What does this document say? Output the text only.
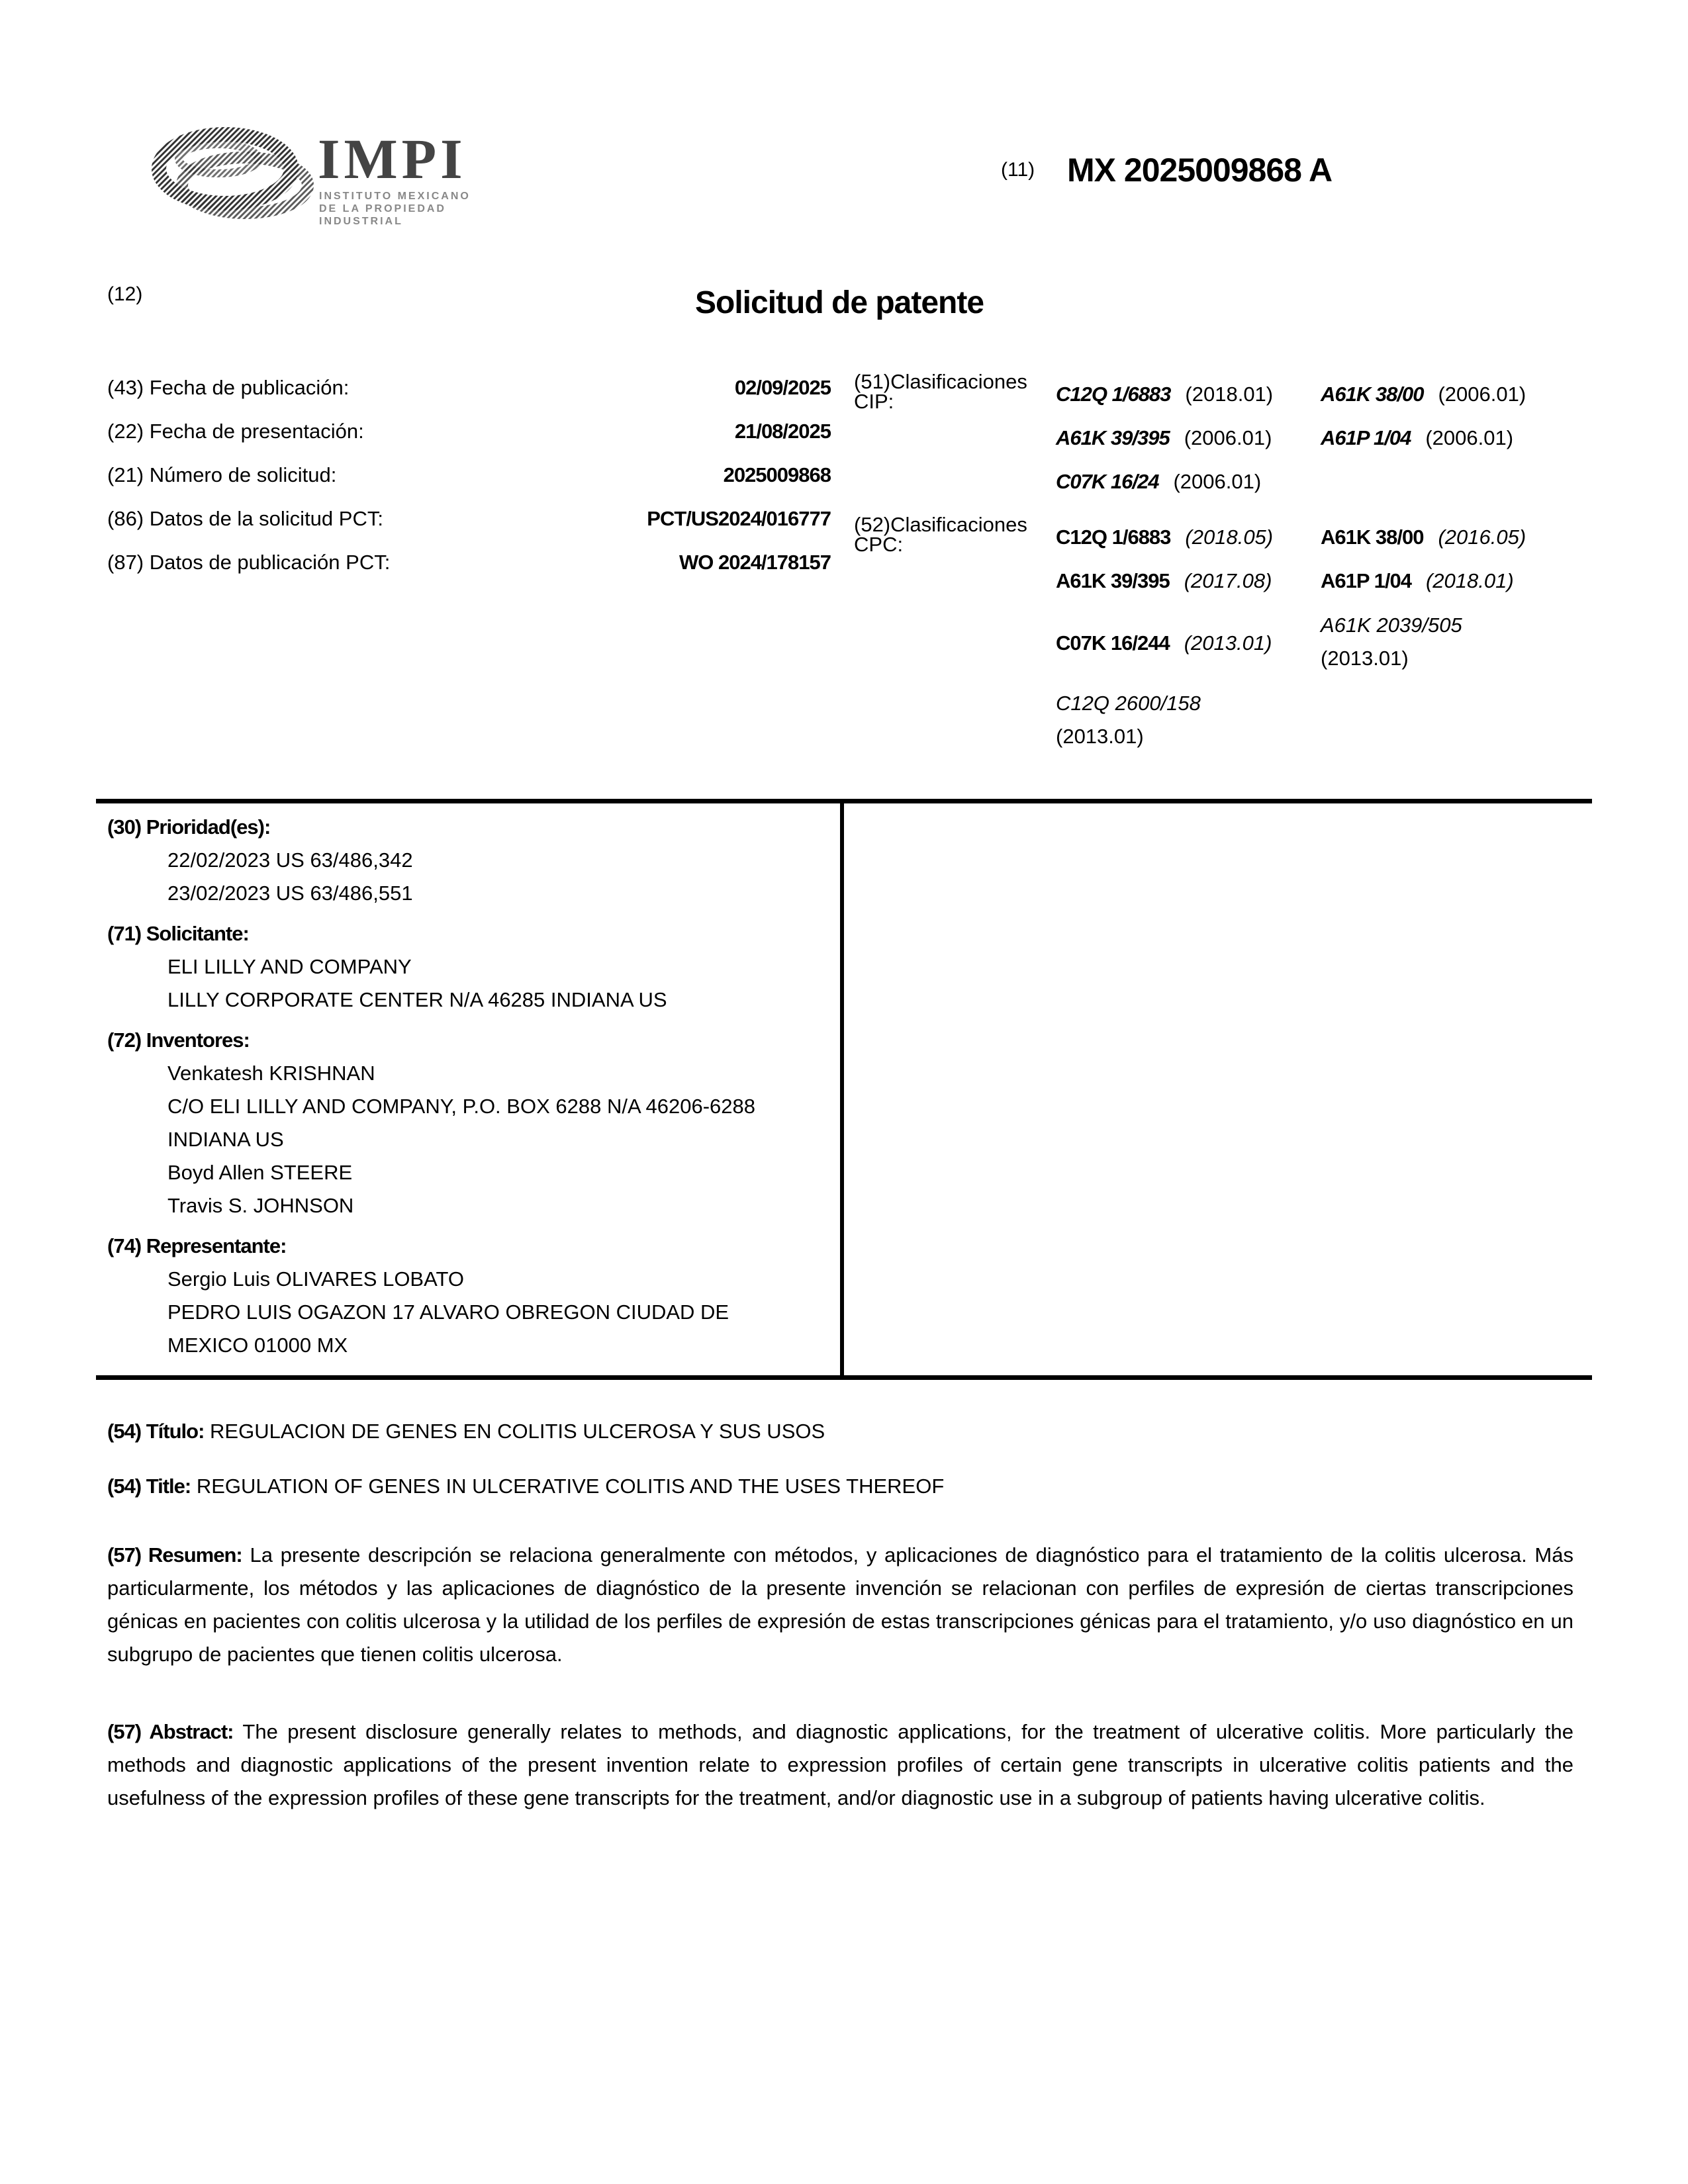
IMPI
INSTITUTO MEXICANO
DE LA PROPIEDAD
INDUSTRIAL
(11) MX 2025009868 A
(12)	Solicitud de patente
(43) Fecha de publicación:	02/09/2025
(22) Fecha de presentación:	21/08/2025
(21) Número de solicitud:	2025009868
(86) Datos de la solicitud PCT:	PCT/US2024/016777
(87) Datos de publicación PCT:	WO 2024/178157
(51)Clasificaciones
CIP:	C12Q 1/6883 (2018.01) A61K 38/00 (2006.01)
A61K 39/395 (2006.01) A61P 1/04 (2006.01)
C07K 16/24 (2006.01)
(52)Clasificaciones
CPC:	C12Q 1/6883 (2018.05) A61K 38/00 (2016.05)
A61K 39/395 (2017.08) A61P 1/04 (2018.01)
C07K 16/244 (2013.01)
A61K 2039/505
(2013.01)
C12Q 2600/158
(2013.01)
(30) Prioridad(es):
22/02/2023 US 63/486,342
23/02/2023 US 63/486,551
(71) Solicitante:
ELI LILLY AND COMPANY
LILLY CORPORATE CENTER N/A 46285 INDIANA US
(72) Inventores:
Venkatesh KRISHNAN
C/O ELI LILLY AND COMPANY, P.O. BOX 6288 N/A 46206-6288
INDIANA US
Boyd Allen STEERE
Travis S. JOHNSON
(74) Representante:
Sergio Luis OLIVARES LOBATO
PEDRO LUIS OGAZON 17 ALVARO OBREGON CIUDAD DE
MEXICO 01000 MX
(54) Título: REGULACION DE GENES EN COLITIS ULCEROSA Y SUS USOS
(54) Title: REGULATION OF GENES IN ULCERATIVE COLITIS AND THE USES THEREOF
(57) Resumen: La presente descripción se relaciona generalmente con métodos, y aplicaciones de diagnóstico para el tratamiento de la colitis ulcerosa. Más particularmente, los métodos y las aplicaciones de diagnóstico de la presente invención se relacionan con perfiles de expresión de ciertas transcripciones génicas en pacientes con colitis ulcerosa y la utilidad de los perfiles de expresión de estas transcripciones génicas para el tratamiento, y/o uso diagnóstico en un subgrupo de pacientes que tienen colitis ulcerosa.
(57) Abstract: The present disclosure generally relates to methods, and diagnostic applications, for the treatment of ulcerative colitis. More particularly the methods and diagnostic applications of the present invention relate to expression profiles of certain gene transcripts in ulcerative colitis patients and the usefulness of the expression profiles of these gene transcripts for the treatment, and/or diagnostic use in a subgroup of patients having ulcerative colitis.
